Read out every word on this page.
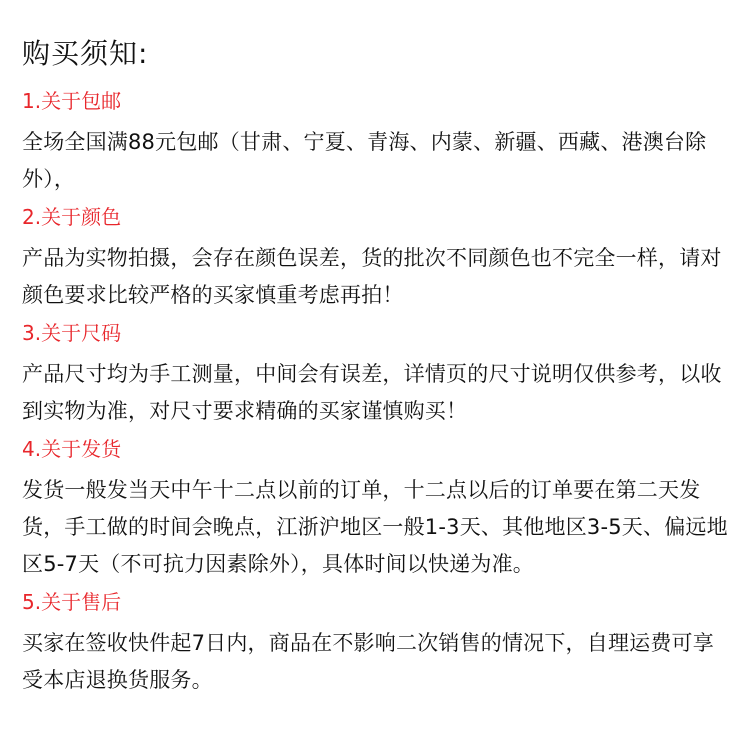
购买须知:
1.关于包邮
全场全国满88元包邮（甘肃、宁夏、青海、内蒙、新疆、西藏、港澳台除外），
2.关于颜色
产品为实物拍摄，会存在颜色误差，货的批次不同颜色也不完全一样，请对颜色要求比较严格的买家慎重考虑再拍！
3.关于尺码
产品尺寸均为手工测量，中间会有误差，详情页的尺寸说明仅供参考，以收到实物为准，对尺寸要求精确的买家谨慎购买！
4.关于发货
发货一般发当天中午十二点以前的订单，十二点以后的订单要在第二天发货，手工做的时间会晚点，江浙沪地区一般1-3天、其他地区3-5天、偏远地区5-7天（不可抗力因素除外），具体时间以快递为准。
5.关于售后
买家在签收快件起7日内，商品在不影响二次销售的情况下，自理运费可享受本店退换货服务。
